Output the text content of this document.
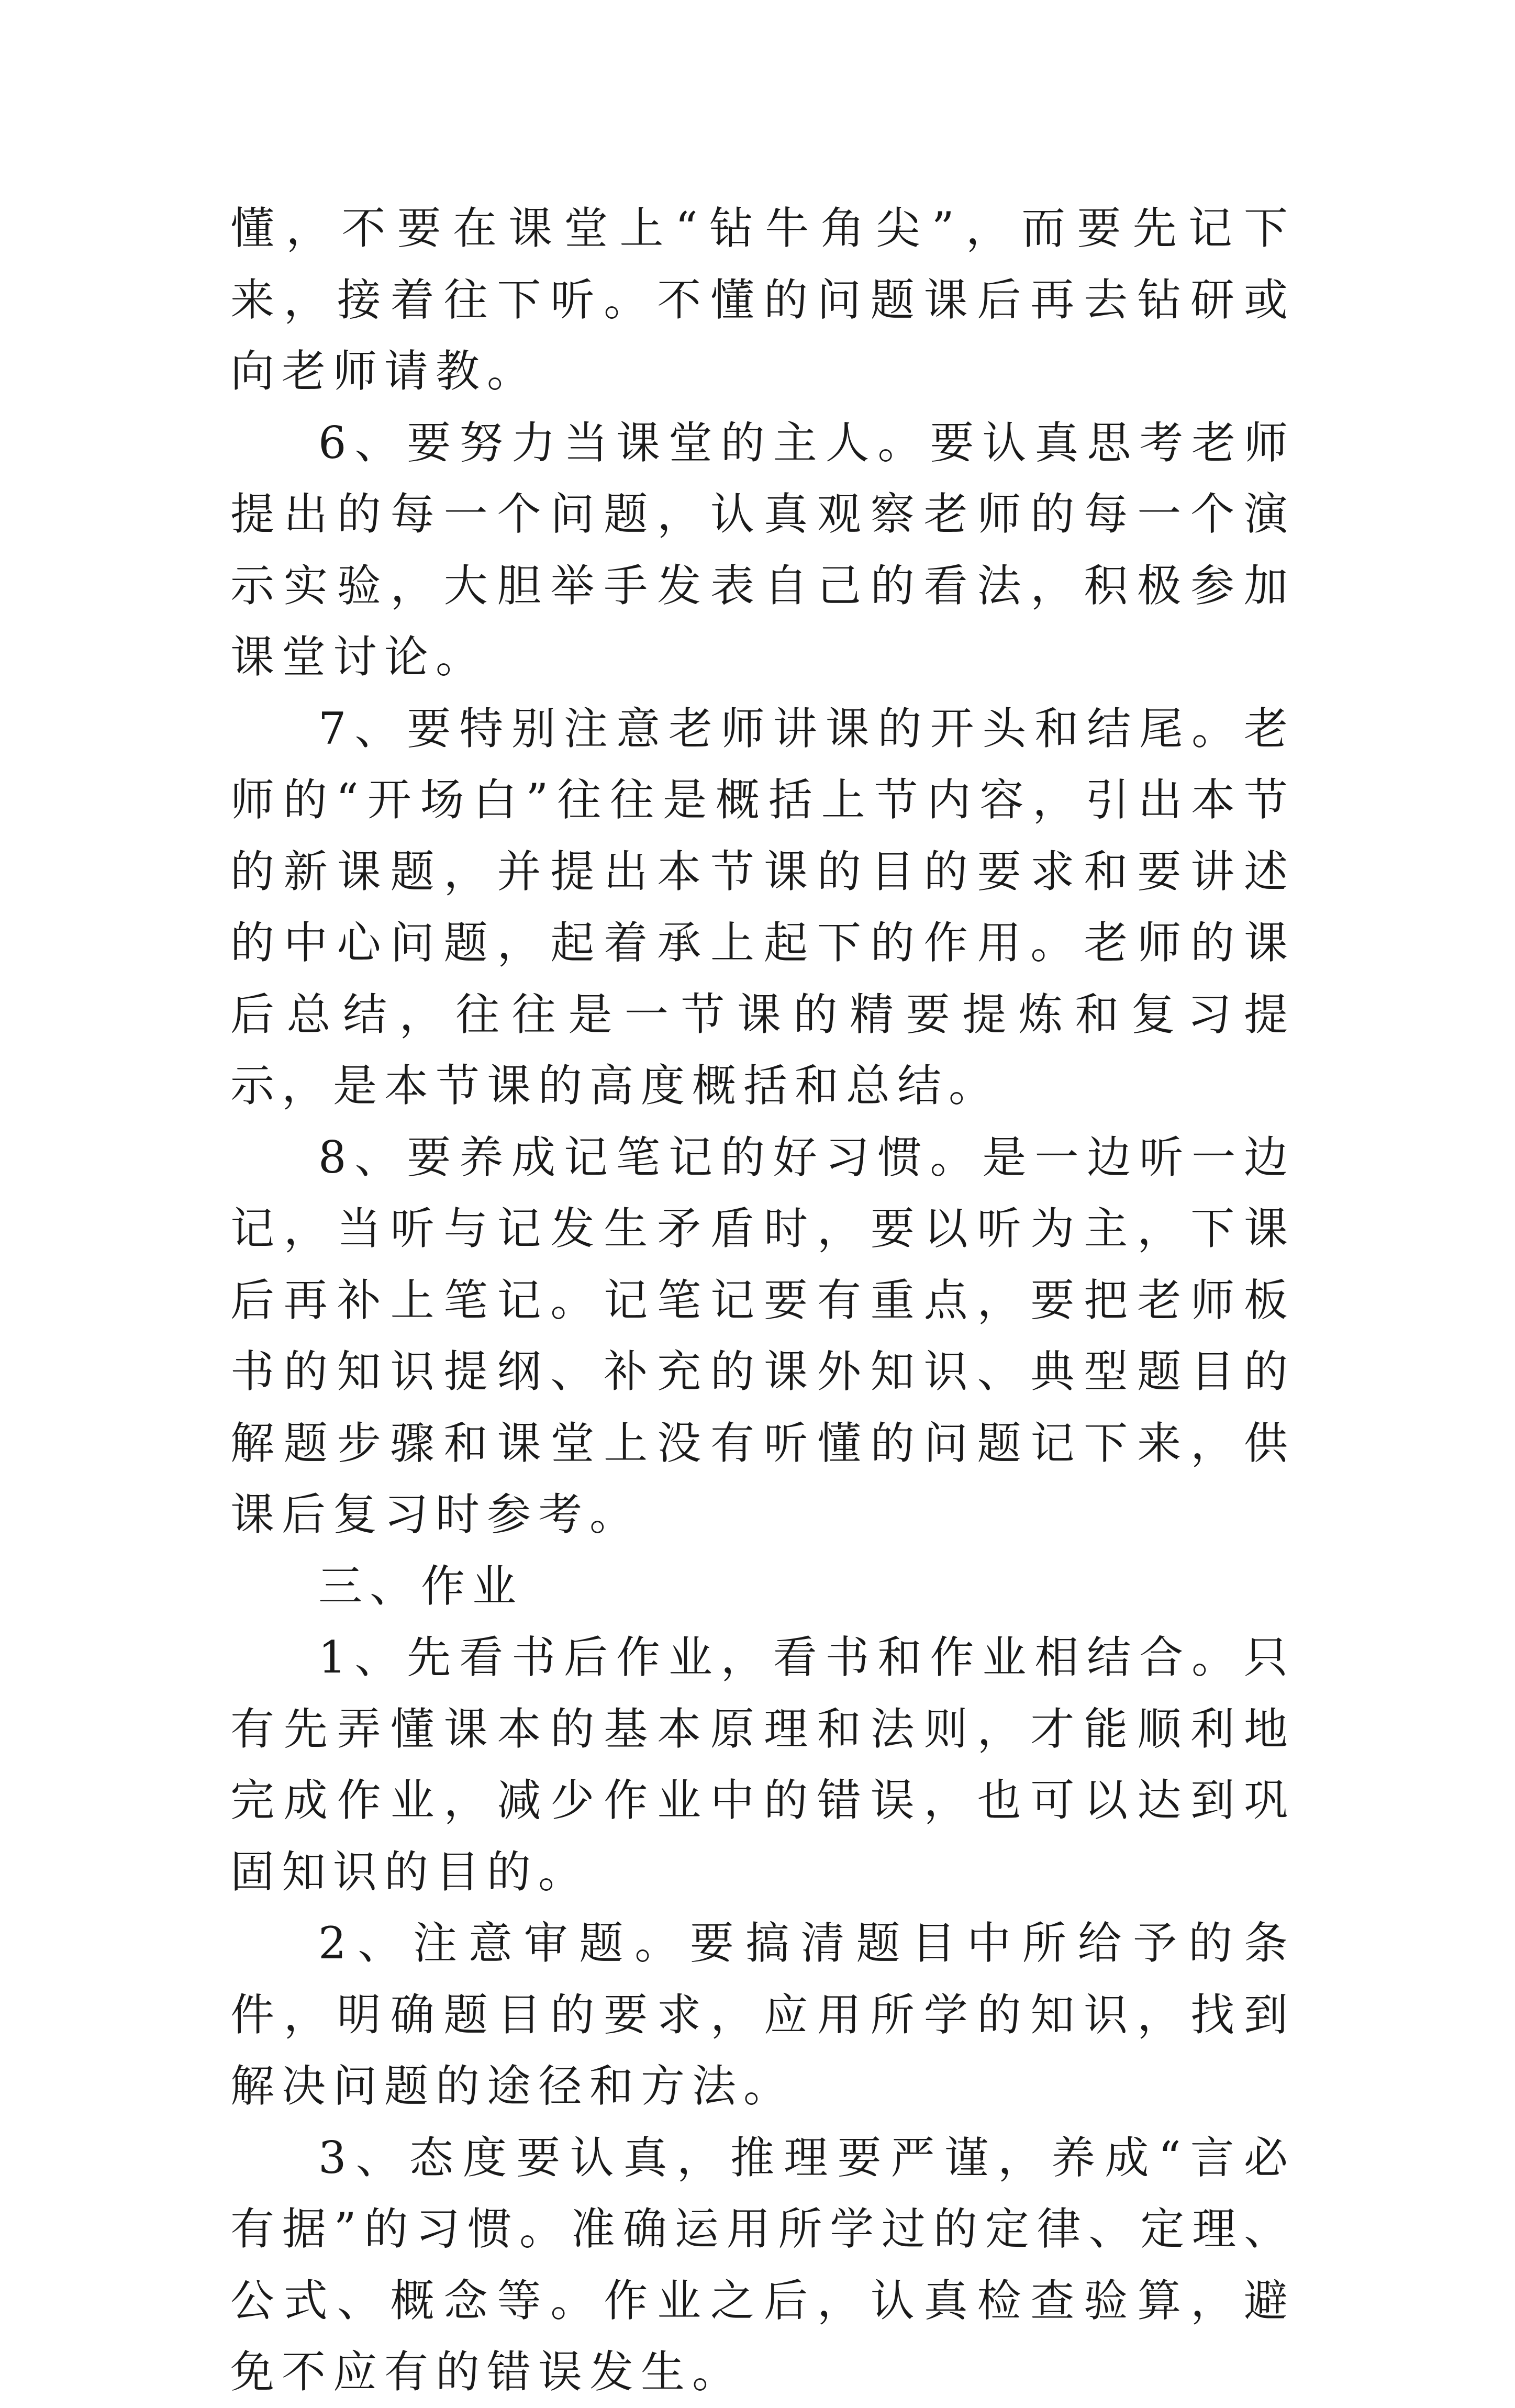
懂，不要在课堂上“钻牛角尖”，而要先记下来，接着往下听。不懂的问题课后再去钻研或向老师请教。

6、要努力当课堂的主人。要认真思考老师提出的每一个问题，认真观察老师的每一个演示实验，大胆举手发表自己的看法，积极参加课堂讨论。

7、要特别注意老师讲课的开头和结尾。老师的“开场白”往往是概括上节内容，引出本节的新课题，并提出本节课的目的要求和要讲述的中心问题，起着承上起下的作用。老师的课后总结，往往是一节课的精要提炼和复习提示，是本节课的高度概括和总结。

8、要养成记笔记的好习惯。是一边听一边记，当听与记发生矛盾时，要以听为主，下课后再补上笔记。记笔记要有重点，要把老师板书的知识提纲、补充的课外知识、典型题目的解题步骤和课堂上没有听懂的问题记下来，供课后复习时参考。

三、作业

1、先看书后作业，看书和作业相结合。只有先弄懂课本的基本原理和法则，才能顺利地完成作业，减少作业中的错误，也可以达到巩固知识的目的。

2、注意审题。要搞清题目中所给予的条件，明确题目的要求，应用所学的知识，找到解决问题的途径和方法。

3、态度要认真，推理要严谨，养成“言必有据”的习惯。准确运用所学过的定律、定理、公式、概念等。作业之后，认真检查验算，避免不应有的错误发生。
